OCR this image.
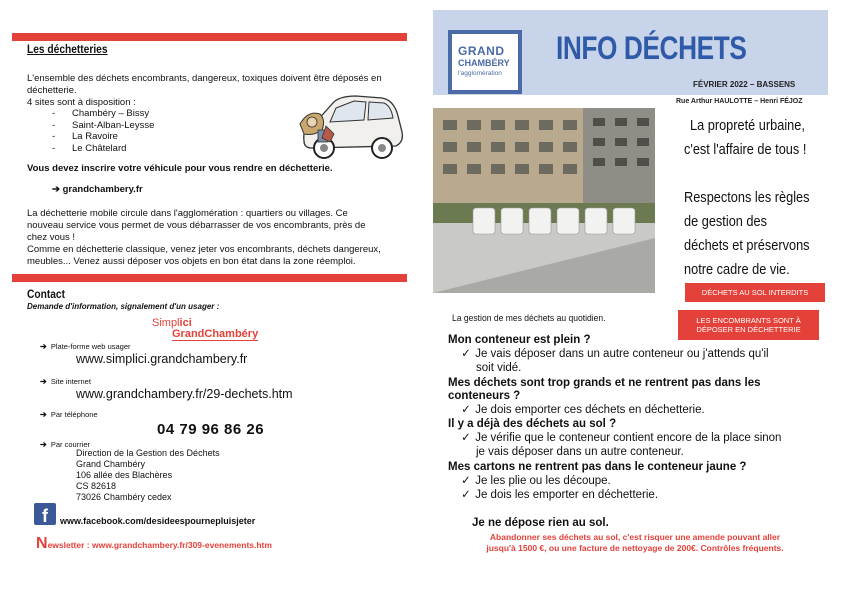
Les déchetteries
L'ensemble des déchets encombrants, dangereux, toxiques doivent être déposés en
déchetterie.
4 sites sont à disposition :
- Chambéry – Bissy
- Saint-Alban-Leysse
- La Ravoire
- Le Châtelard
Vous devez inscrire votre véhicule pour vous rendre en déchetterie.
➔ grandchambery.fr
La déchetterie mobile circule dans l'agglomération : quartiers ou villages. Ce
nouveau service vous permet de vous débarrasser de vos encombrants, près de
chez vous !
Comme en déchetterie classique, venez jeter vos encombrants, déchets dangereux,
meubles... Venez aussi déposer vos objets en bon état dans la zone réemploi.
Contact
Demande d'information, signalement d'un usager :
Simplici
GrandChambéry
➔ Plate-forme web usager
www.simplici.grandchambery.fr
➔ Site internet
www.grandchambery.fr/29-dechets.htm
➔ Par téléphone
04 79 96 86 26
➔ Par courrier
Direction de la Gestion des Déchets
Grand Chambéry
106 allée des Blachères
CS 82618
73026 Chambéry cedex
f	www.facebook.com/desideespournepluisjeter
Newsletter : www.grandchambery.fr/309-evenements.htm
GRAND
CHAMBÉRY
l'agglomération
INFO DÉCHETS
FÉVRIER 2022 – BASSENS
Rue Arthur HAULOTTE – Henri FÉJOZ
La propreté urbaine,
c'est l'affaire de tous !
Respectons les règles
de gestion des
déchets et préservons
notre cadre de vie.
DÉCHETS AU SOL INTERDITS
LES ENCOMBRANTS SONT À
DÉPOSER EN DÉCHETTERIE
La gestion de mes déchets au quotidien.
Mon conteneur est plein ?
✓ Je vais déposer dans un autre conteneur ou j'attends qu'il
soit vidé.
Mes déchets sont trop grands et ne rentrent pas dans les
conteneurs ?
✓ Je dois emporter ces déchets en déchetterie.
Il y a déjà des déchets au sol ?
✓ Je vérifie que le conteneur contient encore de la place sinon
je vais déposer dans un autre conteneur.
Mes cartons ne rentrent pas dans le conteneur jaune ?
✓ Je les plie ou les découpe.
✓ Je dois les emporter en déchetterie.
Je ne dépose rien au sol.
Abandonner ses déchets au sol, c'est risquer une amende pouvant aller
jusqu'à 1500 €, ou une facture de nettoyage de 200€. Contrôles fréquents.
